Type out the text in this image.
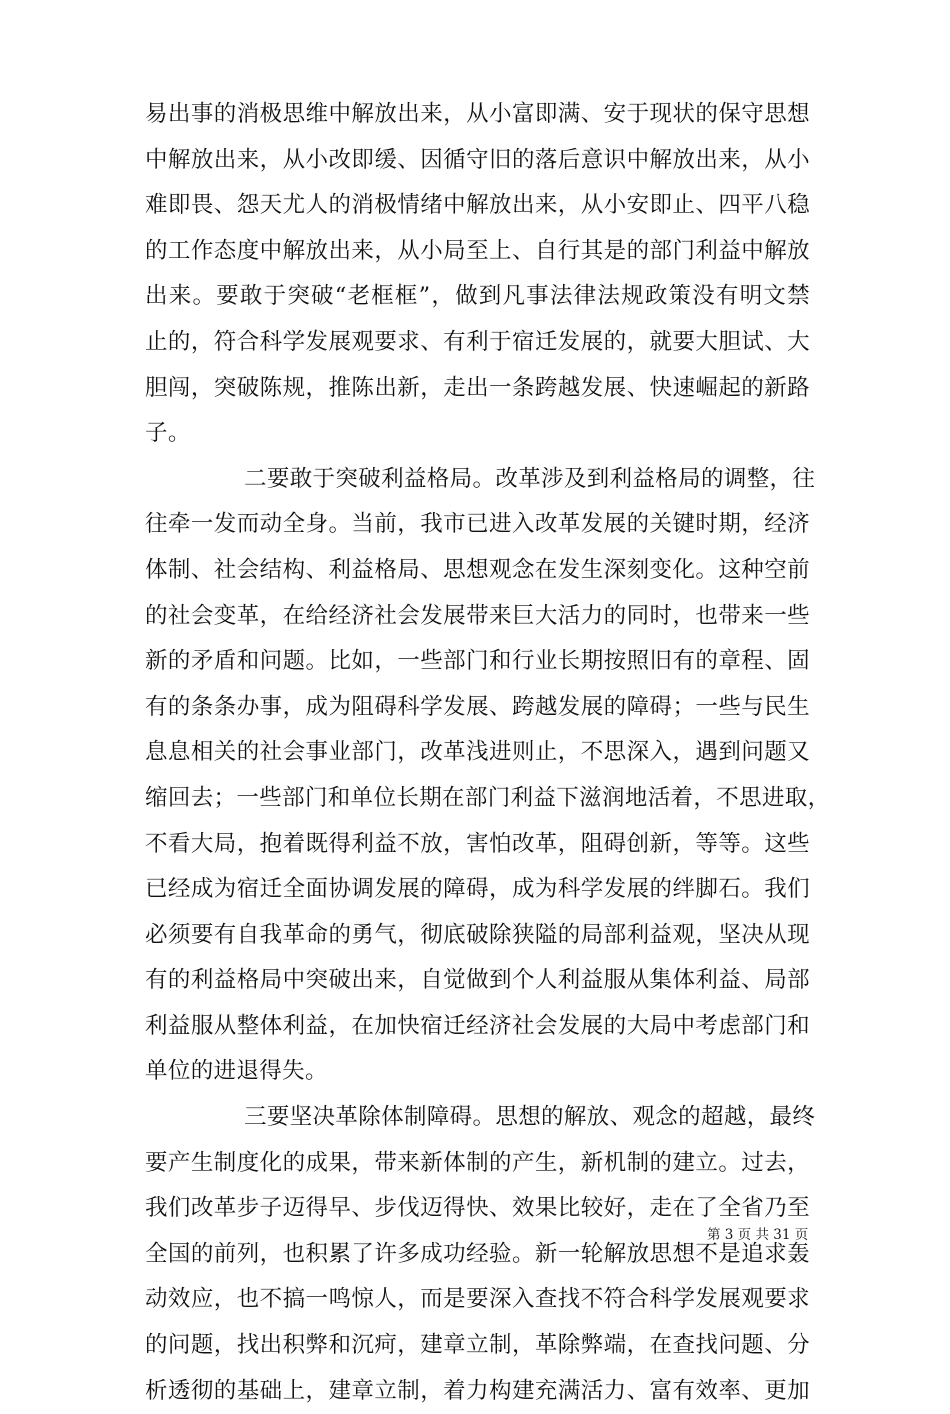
易出事的消极思维中解放出来，从小富即满、安于现状的保守思想
中解放出来，从小改即缓、因循守旧的落后意识中解放出来，从小
难即畏、怨天尤人的消极情绪中解放出来，从小安即止、四平八稳
的工作态度中解放出来，从小局至上、自行其是的部门利益中解放
出来。要敢于突破“老框框”，做到凡事法律法规政策没有明文禁
止的，符合科学发展观要求、有利于宿迁发展的，就要大胆试、大
胆闯，突破陈规，推陈出新，走出一条跨越发展、快速崛起的新路
子。
二要敢于突破利益格局。改革涉及到利益格局的调整，往
往牵一发而动全身。当前，我市已进入改革发展的关键时期，经济
体制、社会结构、利益格局、思想观念在发生深刻变化。这种空前
的社会变革，在给经济社会发展带来巨大活力的同时，也带来一些
新的矛盾和问题。比如，一些部门和行业长期按照旧有的章程、固
有的条条办事，成为阻碍科学发展、跨越发展的障碍；一些与民生
息息相关的社会事业部门，改革浅进则止，不思深入，遇到问题又
缩回去；一些部门和单位长期在部门利益下滋润地活着，不思进取，
不看大局，抱着既得利益不放，害怕改革，阻碍创新，等等。这些
已经成为宿迁全面协调发展的障碍，成为科学发展的绊脚石。我们
必须要有自我革命的勇气，彻底破除狭隘的局部利益观，坚决从现
有的利益格局中突破出来，自觉做到个人利益服从集体利益、局部
利益服从整体利益，在加快宿迁经济社会发展的大局中考虑部门和
单位的进退得失。
三要坚决革除体制障碍。思想的解放、观念的超越，最终
要产生制度化的成果，带来新体制的产生，新机制的建立。过去，
我们改革步子迈得早、步伐迈得快、效果比较好，走在了全省乃至
全国的前列，也积累了许多成功经验。新一轮解放思想不是追求轰
动效应，也不搞一鸣惊人，而是要深入查找不符合科学发展观要求
的问题，找出积弊和沉疴，建章立制，革除弊端，在查找问题、分
析透彻的基础上，建章立制，着力构建充满活力、富有效率、更加
第 3 页 共 31 页
